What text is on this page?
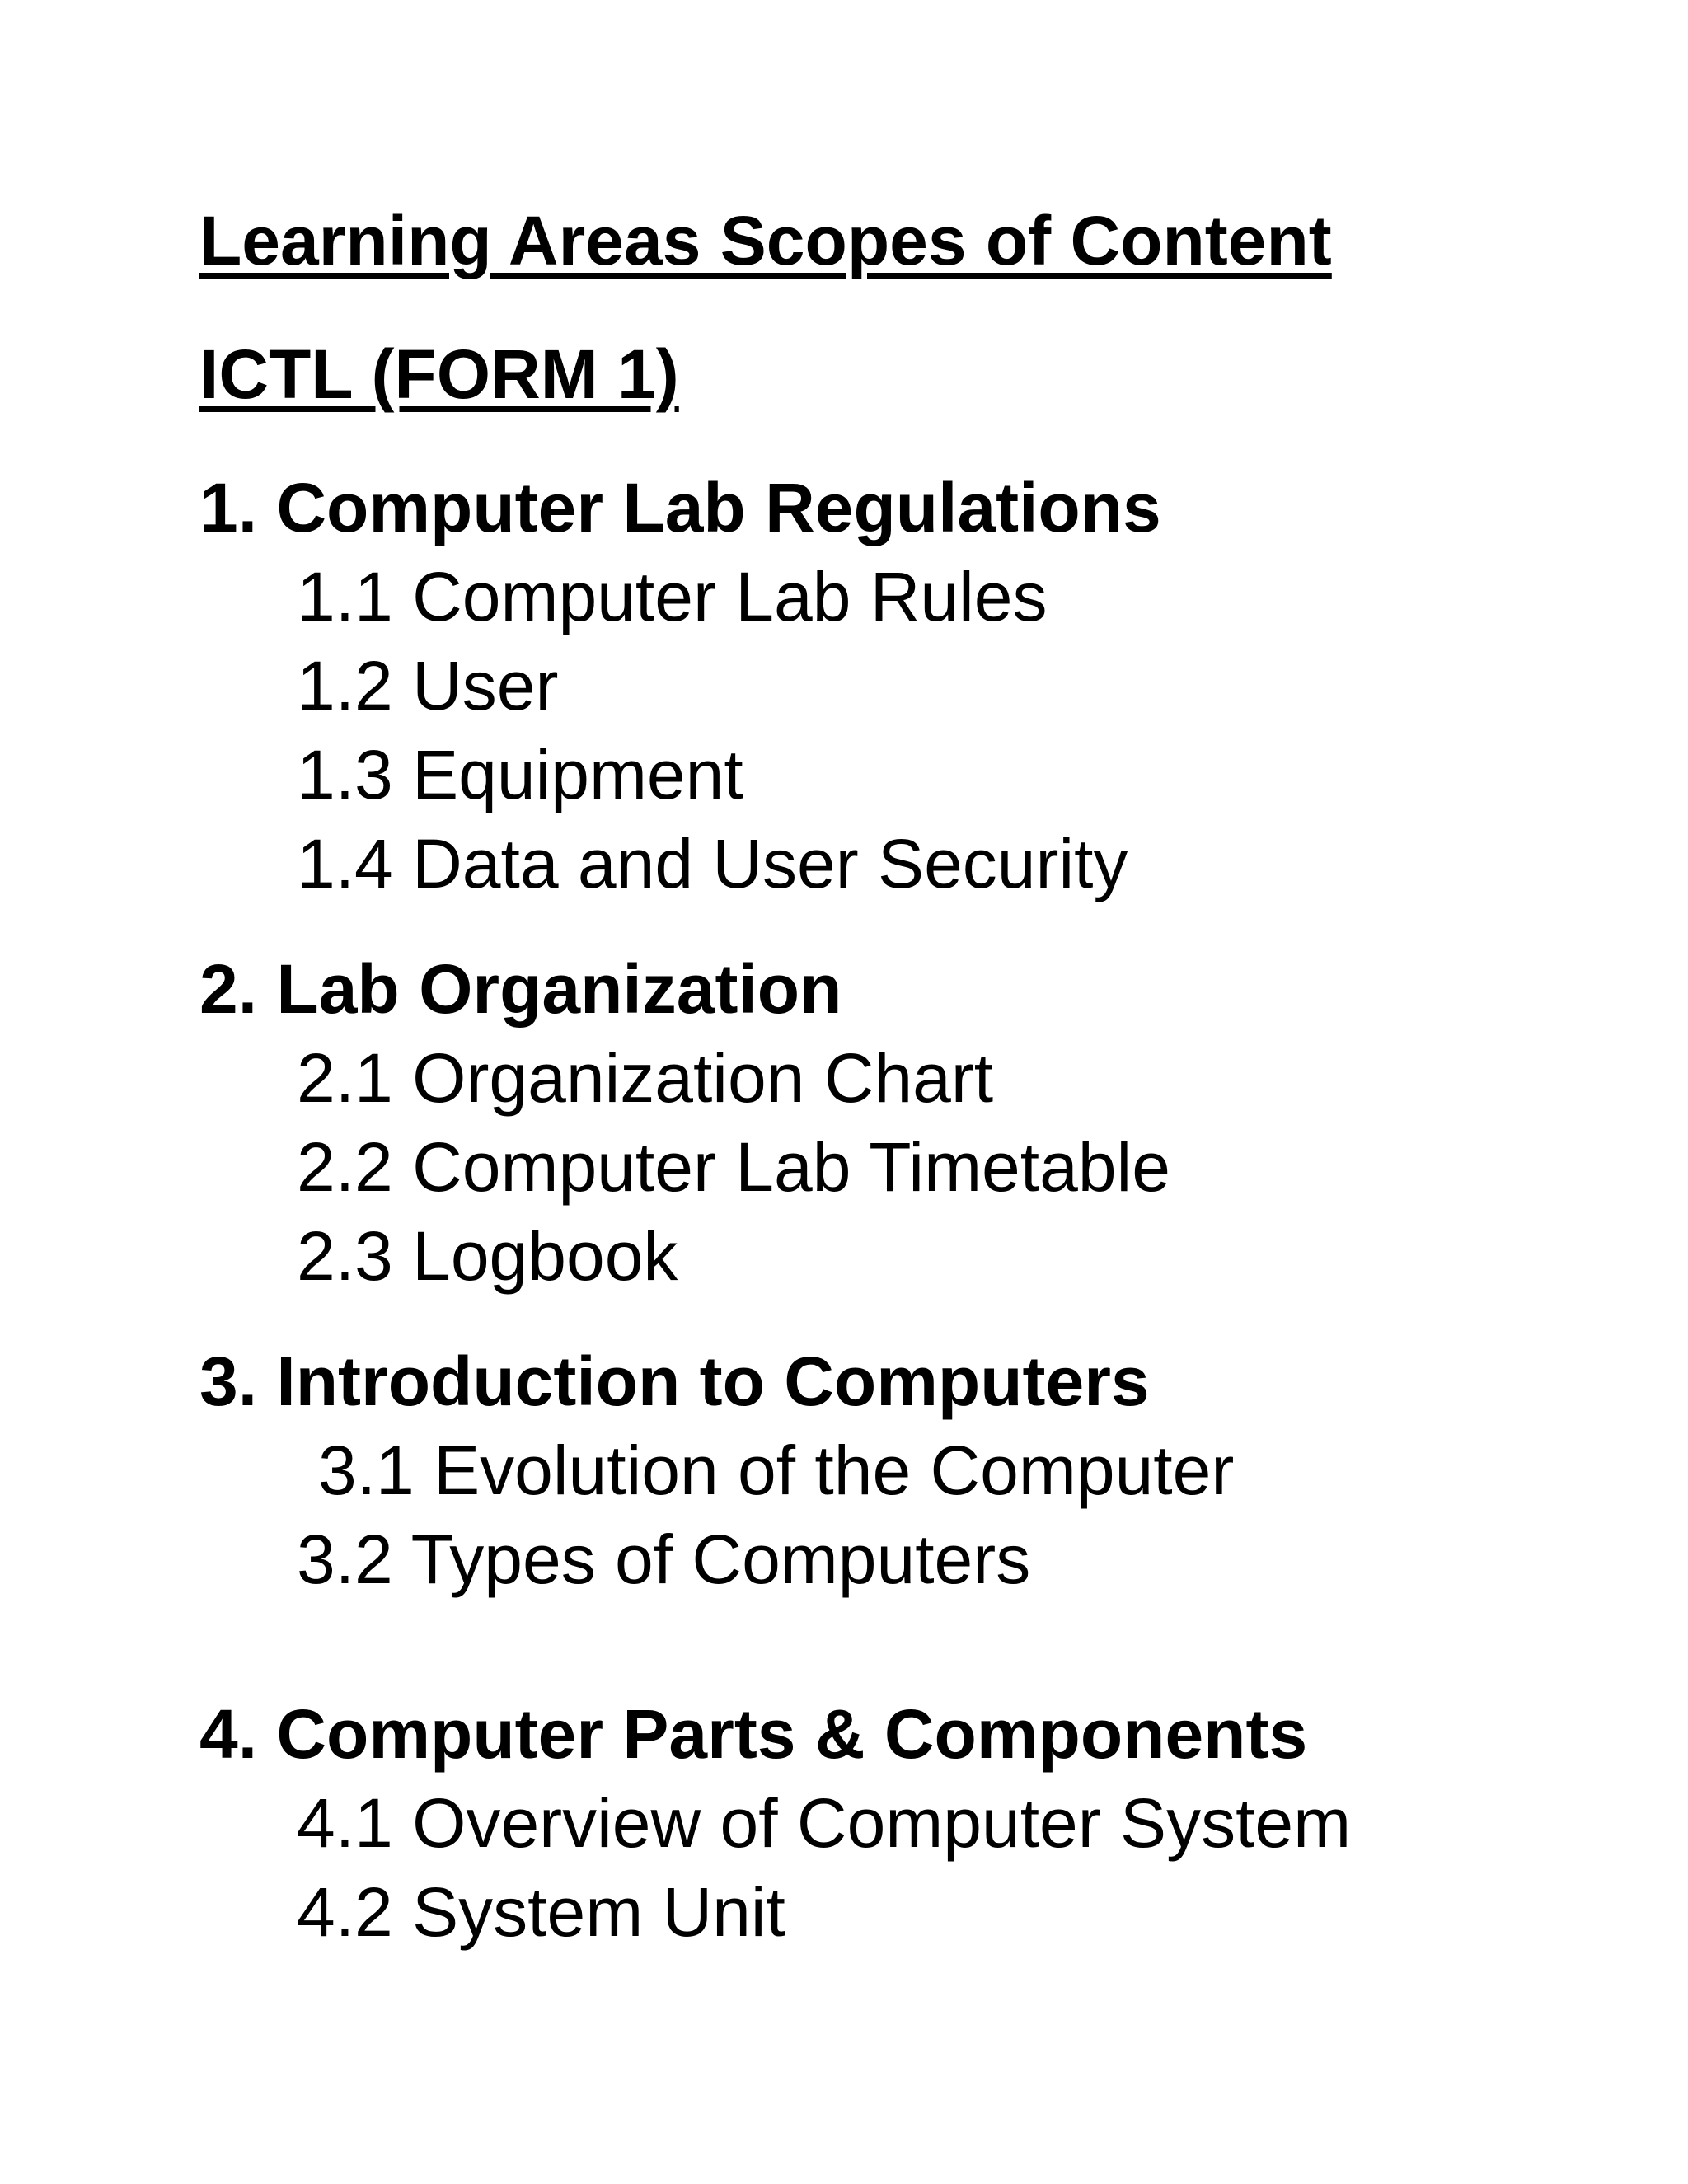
Learning Areas Scopes of Content
ICTL (FORM 1)
1. Computer Lab Regulations
1.1 Computer Lab Rules
1.2 User
1.3 Equipment
1.4 Data and User Security
2. Lab Organization
2.1 Organization Chart
2.2 Computer Lab Timetable
2.3 Logbook
3. Introduction to Computers
3.1 Evolution of the Computer
3.2 Types of Computers
4. Computer Parts & Components
4.1 Overview of Computer System
4.2 System Unit
